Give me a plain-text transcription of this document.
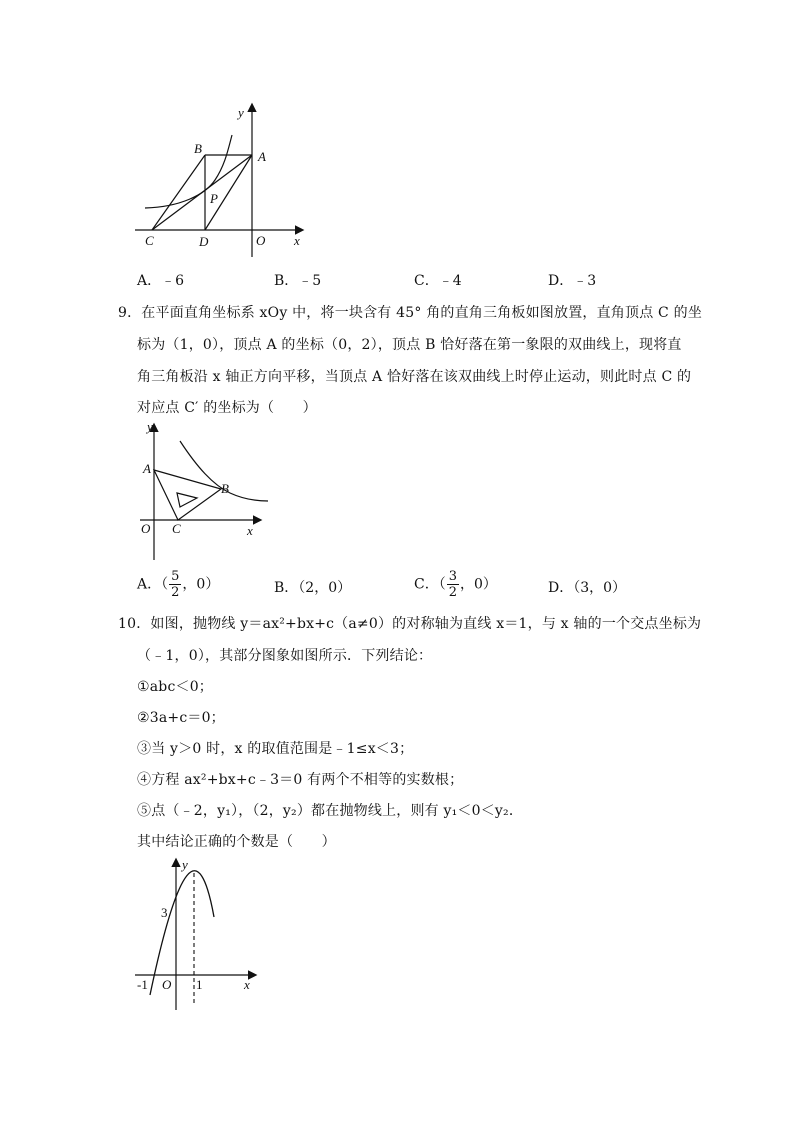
y
x
B
A
P
C	D	O
A．﹣6	B．﹣5	C．﹣4	D．﹣3
9．在平面直角坐标系 xOy 中，将一块含有 45° 角的直角三角板如图放置，直角顶点 C 的坐
标为（1，0），顶点 A 的坐标（0，2），顶点 B 恰好落在第一象限的双曲线上，现将直
角三角板沿 x 轴正方向平移，当顶点 A 恰好落在该双曲线上时停止运动，则此时点 C 的
对应点 C′ 的坐标为（　　）
y
x
A
B
O C
A．（ $\frac{5}{2}$ ，0）	B．（2，0）	C．（ $\frac{3}{2}$ ，0）	D．（3，0）
10．如图，抛物线 y＝ax²+bx+c（a≠0）的对称轴为直线 x＝1，与 x 轴的一个交点坐标为
（﹣1，0），其部分图象如图所示．下列结论：
①abc＜0；
②3a+c＝0；
③当 y＞0 时，x 的取值范围是﹣1≤x＜3；
④方程 ax²+bx+c﹣3＝0 有两个不相等的实数根；
⑤点（﹣2，y₁），（2，y₂）都在抛物线上，则有 y₁＜0＜y₂．
其中结论正确的个数是（　　）
y
x
3
-1 O 1
